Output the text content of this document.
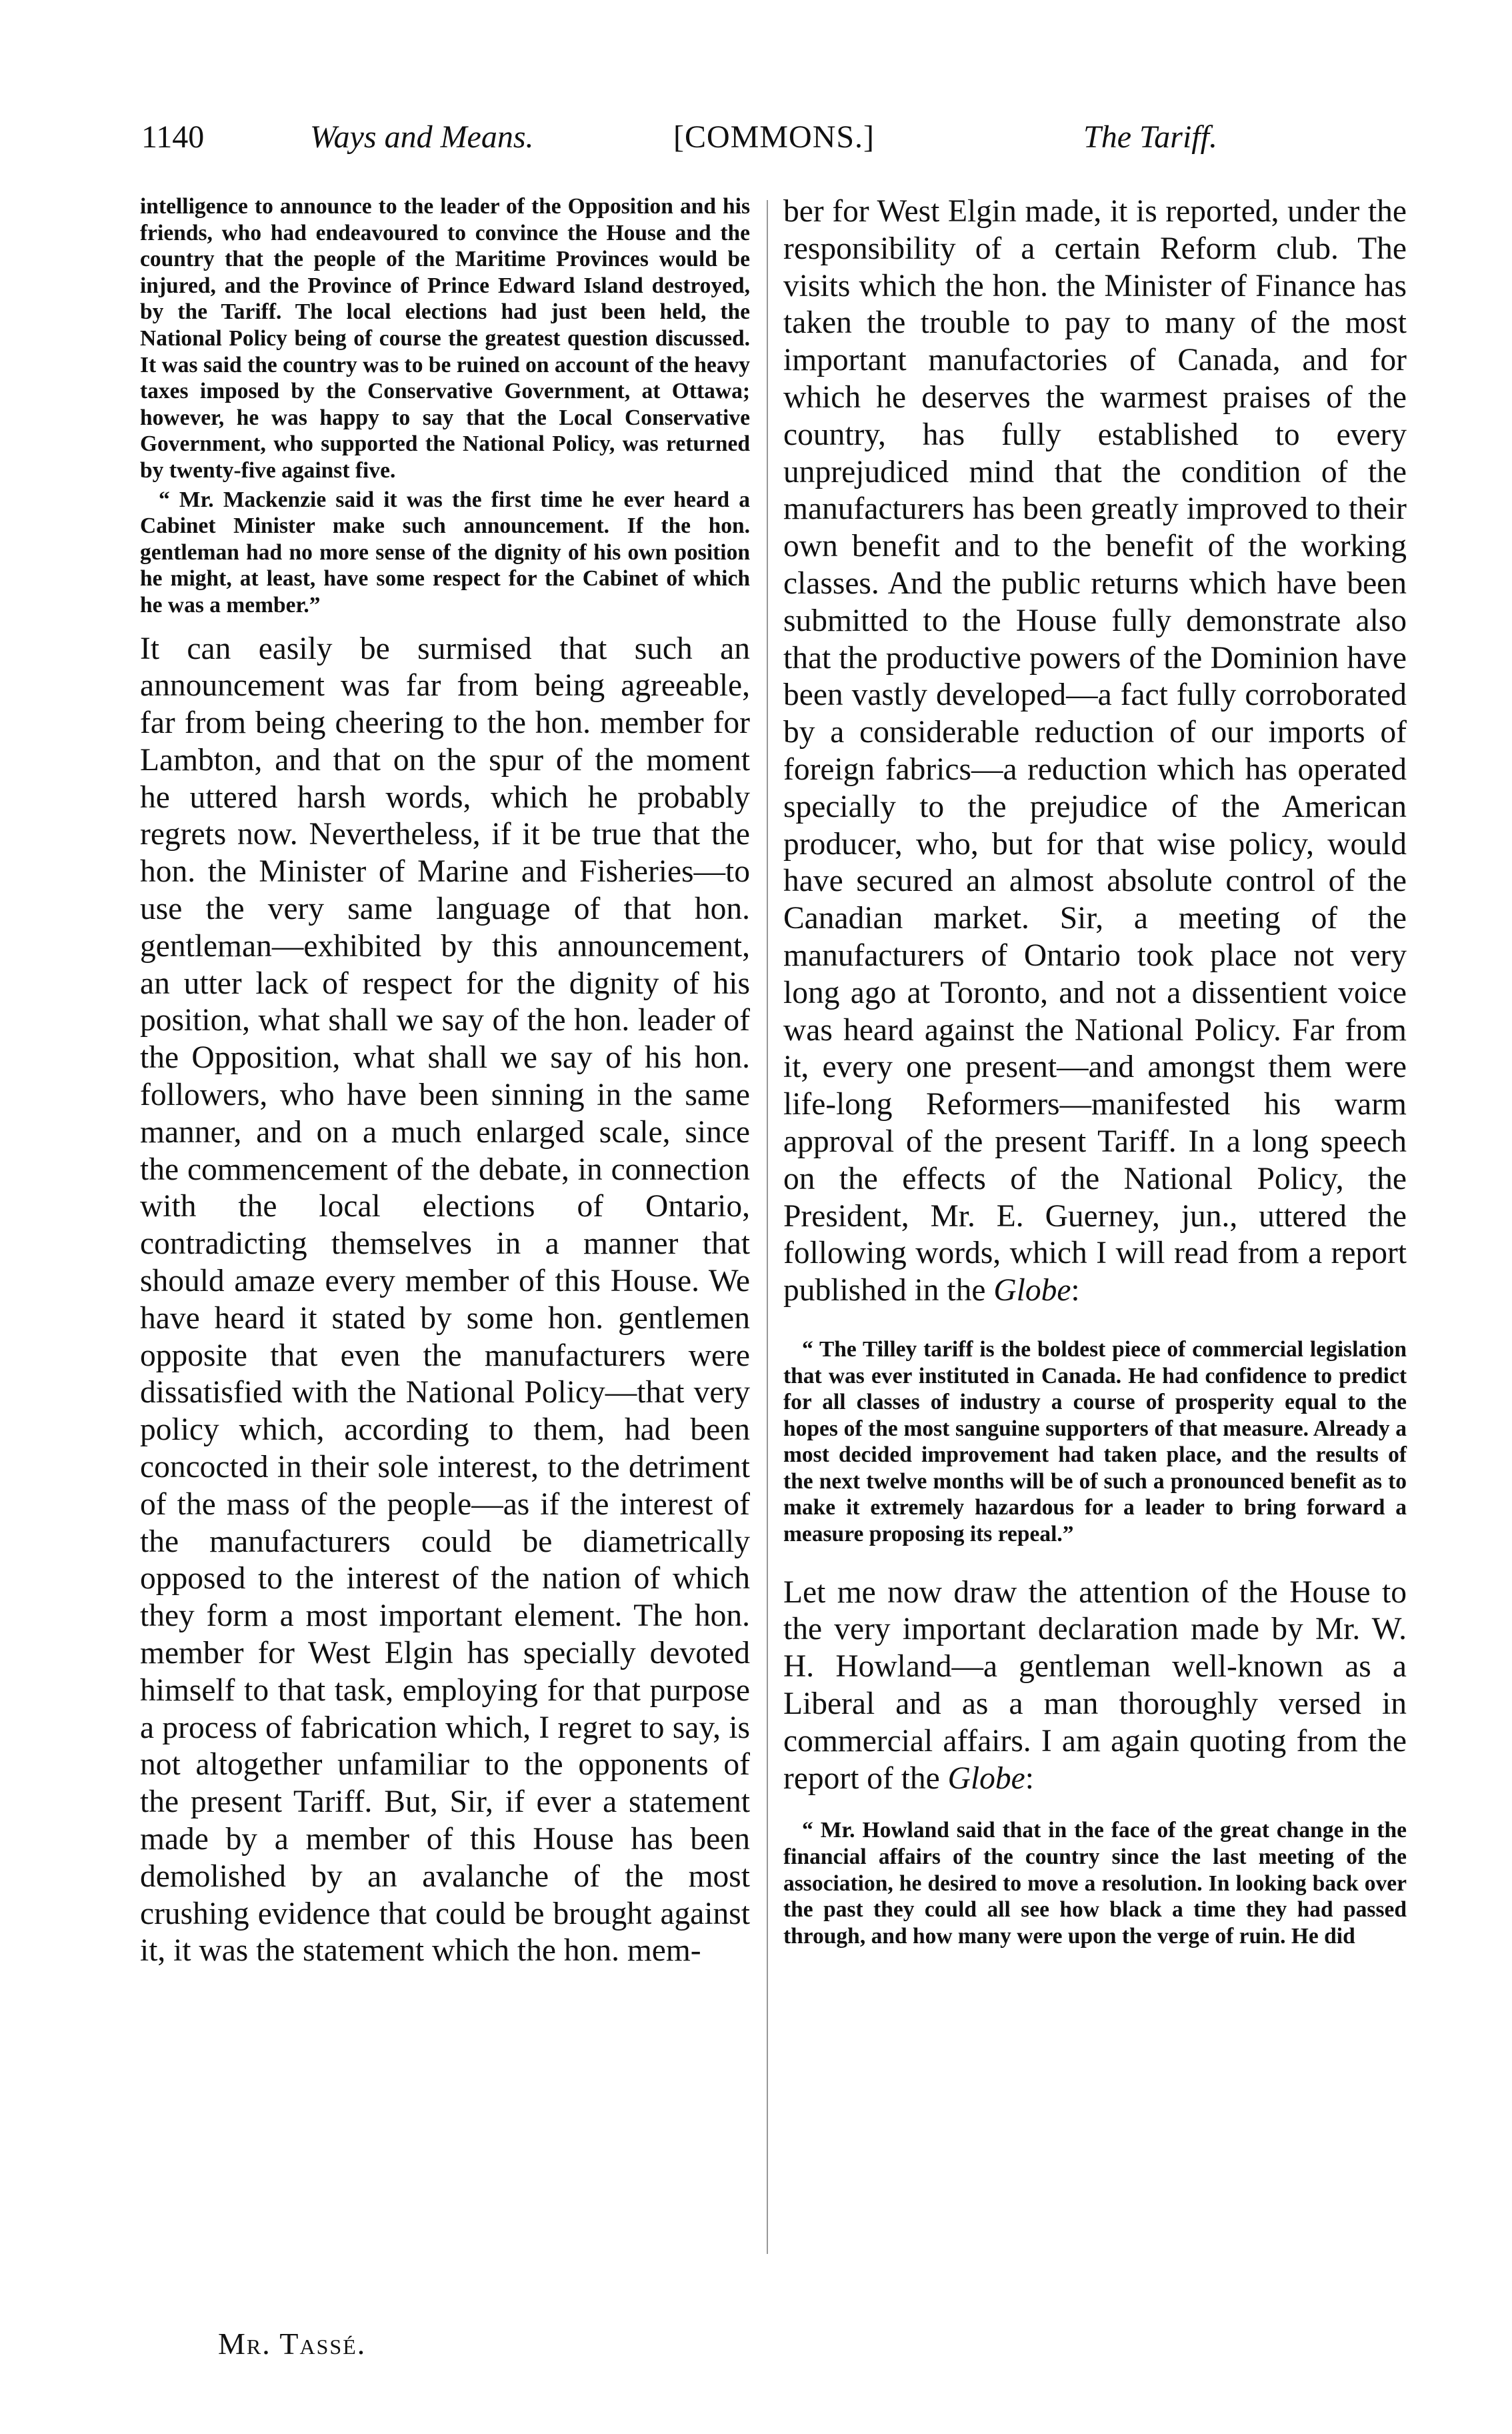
1140	Ways and Means.	[COMMONS.]	The Tariff.

intelligence to announce to the leader of the Opposition and his friends, who had endeavoured to convince the House and the country that the people of the Maritime Provinces would be injured, and the Province of Prince Edward Island destroyed, by the Tariff. The local elections had just been held, the National Policy being of course the greatest question discussed. It was said the country was to be ruined on account of the heavy taxes imposed by the Conservative Government, at Ottawa; however, he was happy to say that the Local Conservative Government, who supported the National Policy, was returned by twenty-five against five.

“ Mr. Mackenzie said it was the first time he ever heard a Cabinet Minister make such announcement. If the hon. gentleman had no more sense of the dignity of his own position he might, at least, have some respect for the Cabinet of which he was a member.”

It can easily be surmised that such an announcement was far from being agreeable, far from being cheering to the hon. member for Lambton, and that on the spur of the moment he uttered harsh words, which he probably regrets now. Nevertheless, if it be true that the hon. the Minister of Marine and Fisheries—to use the very same language of that hon. gentleman—exhibited by this announcement, an utter lack of respect for the dignity of his position, what shall we say of the hon. leader of the Opposition, what shall we say of his hon. followers, who have been sinning in the same manner, and on a much enlarged scale, since the commencement of the debate, in connection with the local elections of Ontario, contradicting themselves in a manner that should amaze every member of this House. We have heard it stated by some hon. gentlemen opposite that even the manufacturers were dissatisfied with the National Policy—that very policy which, according to them, had been concocted in their sole interest, to the detriment of the mass of the people—as if the interest of the manufacturers could be diametrically opposed to the interest of the nation of which they form a most important element. The hon. member for West Elgin has specially devoted himself to that task, employing for that purpose a process of fabrication which, I regret to say, is not altogether unfamiliar to the opponents of the present Tariff. But, Sir, if ever a statement made by a member of this House has been demolished by an avalanche of the most crushing evidence that could be brought against it, it was the statement which the hon. mem-

ber for West Elgin made, it is reported, under the responsibility of a certain Reform club. The visits which the hon. the Minister of Finance has taken the trouble to pay to many of the most important manufactories of Canada, and for which he deserves the warmest praises of the country, has fully established to every unprejudiced mind that the condition of the manufacturers has been greatly improved to their own benefit and to the benefit of the working classes. And the public returns which have been submitted to the House fully demonstrate also that the productive powers of the Dominion have been vastly developed—a fact fully corroborated by a considerable reduction of our imports of foreign fabrics—a reduction which has operated specially to the prejudice of the American producer, who, but for that wise policy, would have secured an almost absolute control of the Canadian market. Sir, a meeting of the manufacturers of Ontario took place not very long ago at Toronto, and not a dissentient voice was heard against the National Policy. Far from it, every one present—and amongst them were life-long Reformers—manifested his warm approval of the present Tariff. In a long speech on the effects of the National Policy, the President, Mr. E. Guerney, jun., uttered the following words, which I will read from a report published in the Globe:

“ The Tilley tariff is the boldest piece of commercial legislation that was ever instituted in Canada. He had confidence to predict for all classes of industry a course of prosperity equal to the hopes of the most sanguine supporters of that measure. Already a most decided improvement had taken place, and the results of the next twelve months will be of such a pronounced benefit as to make it extremely hazardous for a leader to bring forward a measure proposing its repeal.”

Let me now draw the attention of the House to the very important declaration made by Mr. W. H. Howland—a gentleman well-known as a Liberal and as a man thoroughly versed in commercial affairs. I am again quoting from the report of the Globe:

“ Mr. Howland said that in the face of the great change in the financial affairs of the country since the last meeting of the association, he desired to move a resolution. In looking back over the past they could all see how black a time they had passed through, and how many were upon the verge of ruin. He did

Mr. Tassé.
